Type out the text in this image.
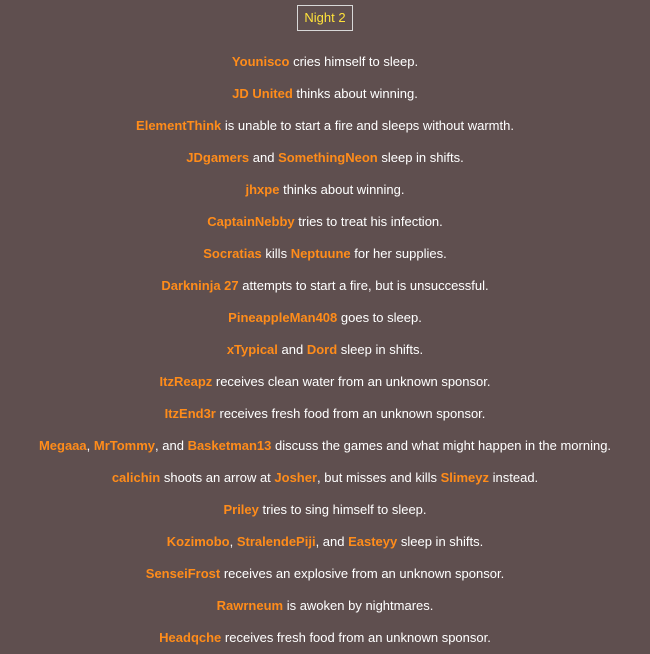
Night 2
Younisco cries himself to sleep.
JD United thinks about winning.
ElementThink is unable to start a fire and sleeps without warmth.
JDgamers and SomethingNeon sleep in shifts.
jhxpe thinks about winning.
CaptainNebby tries to treat his infection.
Socratias kills Neptuune for her supplies.
Darkninja 27 attempts to start a fire, but is unsuccessful.
PineappleMan408 goes to sleep.
xTypical and Dord sleep in shifts.
ItzReapz receives clean water from an unknown sponsor.
ItzEnd3r receives fresh food from an unknown sponsor.
Megaaa, MrTommy, and Basketman13 discuss the games and what might happen in the morning.
calichin shoots an arrow at Josher, but misses and kills Slimeyz instead.
Priley tries to sing himself to sleep.
Kozimobo, StralendePiji, and Easteyy sleep in shifts.
SenseiFrost receives an explosive from an unknown sponsor.
Rawrneum is awoken by nightmares.
Headqche receives fresh food from an unknown sponsor.
